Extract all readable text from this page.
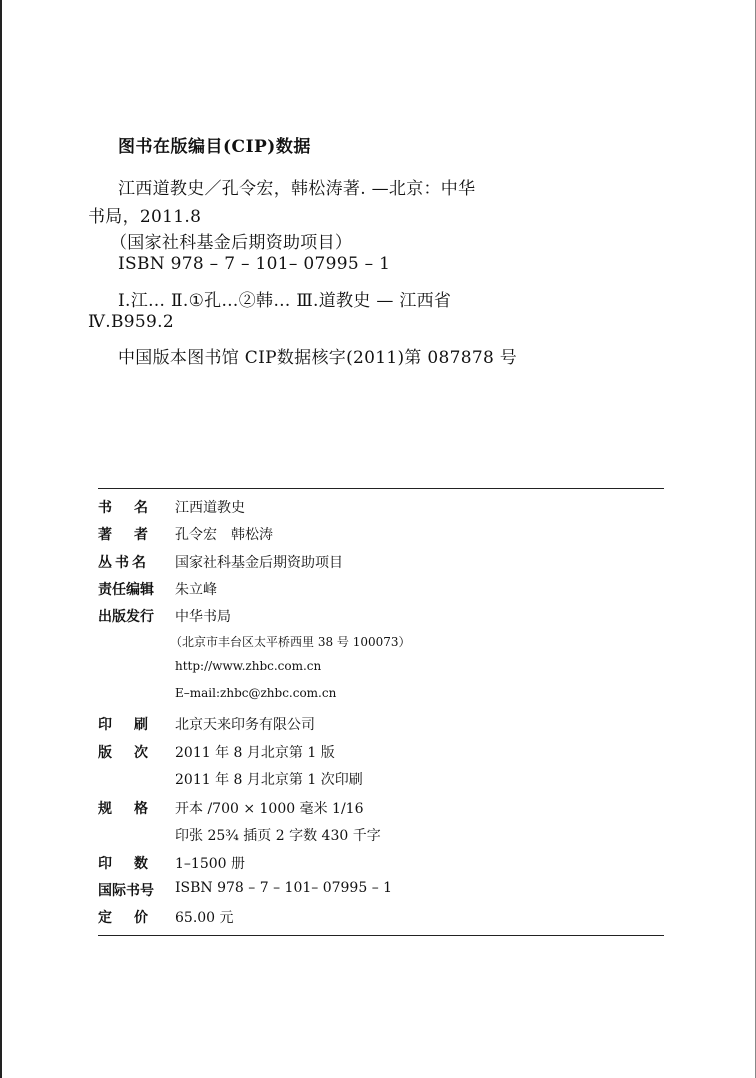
图书在版编目(CIP)数据
江西道教史／孔令宏，韩松涛著. —北京：中华
书局，2011.8
（国家社科基金后期资助项目）
ISBN 978 – 7 – 101– 07995 – 1
Ⅰ.江… Ⅱ.①孔…②韩… Ⅲ.道教史 — 江西省
Ⅳ.B959.2
中国版本图书馆 CIP数据核字(2011)第 087878 号
书名 江西道教史
著者 孔令宏　韩松涛
丛书名 国家社科基金后期资助项目
责任编辑 朱立峰
出版发行 中华书局
（北京市丰台区太平桥西里 38 号 100073）
http://www.zhbc.com.cn
E–mail:zhbc@zhbc.com.cn
印刷 北京天来印务有限公司
版次 2011 年 8 月北京第 1 版
2011 年 8 月北京第 1 次印刷
规格 开本 /700 × 1000 毫米 1/16
印张 25¾ 插页 2 字数 430 千字
印数 1–1500 册
国际书号 ISBN 978 – 7 – 101– 07995 – 1
定价 65.00 元
